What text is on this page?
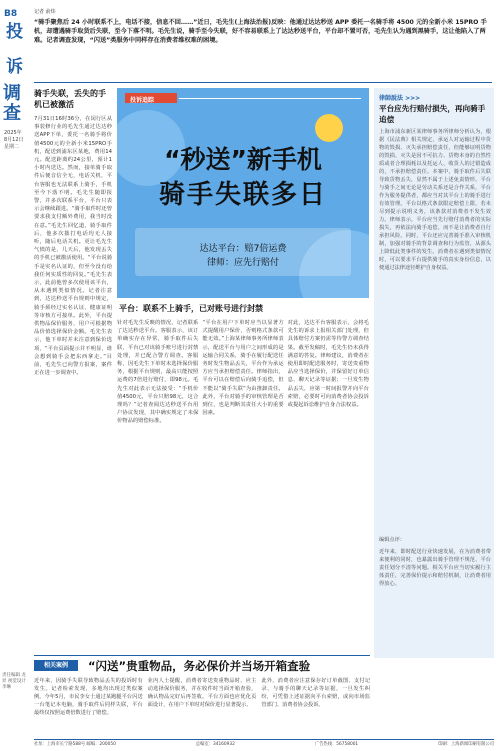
B8
投
诉
调查
2025年
8月12日
星期二
责任编辑 龙昇 视觉设计 李琳
记者 俞炜
“骑手聚焦后 24 小时联系不上，电话不接，信息不回……”近日，毛先生(上海法治报)反映：他通过达达秒送 APP 委托一名骑手将 4500 元的全新小米 15PRO 手机，却遭遇骑手取货后失联，至今下落不明。毛先生说，骑手至今失联，好不容易联系上了达达秒送平台，平台却不置可否，毛先生认为遇到黑骑手，这让他陷入了两难。记者调查发现，“闪送”类服务中同样存在消费者维权难的困境。
骑手失联，丢失的手机已被激活
7月31日16时36分，在闵行区从事装修行业的毛先生通过达达秒送APP下单，委托一名骑手将价值4500元的全新小米15PRO手机，配送到浦东区某地，费用14元。配送距离约24公里，预计1小时内送达。然而，接单骑手取件后便音信全无，电话关机，平台客服也无法联系上骑手，手机至今下落不明。毛先生随即报警，并多次联系平台，平台只表示会继续跟进。“骑手取件时还曾要求我支付额外费用，我当时没在意。”毛先生回忆道，骑手取件后，他多次拨打电话均无人接听，随后电话关机。更让毛先生气愤的是，几天后，他发现丢失的手机已被激活使用。“平台说骑手是实名认证的，但至今没有给我任何实质性的回复。”毛先生表示，此前他曾多次使用该平台，从未遇到类似情况。记者注意到，达达秒送平台规则中规定，骑手须经过实名认证、健康证明等审核方可接单。此外，平台提供物品保价服务，用户可根据物品价值选择保价金额。毛先生表示，他下单时并未注意到保价选项，“平台页面提示并不明显，谁会想到骑手会把东西拿走。”目前，毛先生已向警方报案，案件正在进一步调查中。
投诉追踪
“秒送”新手机
骑手失联多日
达达平台：赔7倍运费
律师：应先行赔付
平台：联系不上骑手，已对账号进行封禁
针对毛先生反映的情况，记者联系了达达秒送平台。客服表示，该订单确实存在异常，骑手取件后失联，平台已对该骑手账号进行封禁处理，并已配合警方调查。客服称，因毛先生下单时未选择保价服务，根据平台规则，最高只能按照运费的7倍进行赔付，即98元。毛先生对此表示无法接受：“手机价值4500元，平台只赔98元，这合理吗？”记者查阅达达秒送平台用户协议发现，其中确实规定了未保价物品的赔偿标准。
“平台在用户下单时应当以显著方式提醒用户保价，否则格式条款可能无效。”上海某律师事务所律师表示，配送平台与用户之间形成的是运输合同关系，骑手在履行配送任务时发生物品丢失，平台作为承运方应当承担赔偿责任。律师指出，平台可以在赔偿后向骑手追偿，但不能以“骑手失联”为由推卸责任。此外，平台对骑手的审核管理是否到位，也是判断其责任大小的重要因素。
对此，达达平台客服表示，会将毛先生的诉求上报相关部门处理，但具体赔付方案仍需等待警方调查结果。截至发稿时，毛先生仍未获得满意的答复。律师建议，消费者在使用即时配送服务时，寄送贵重物品应当选择保价，并保留好订单信息、聊天记录等证据；一旦发生物品丢失，应第一时间报警并向平台索赔，必要时可向消费者协会投诉或提起诉讼维护自身合法权益。
律師說法 >>>
平台应先行赔付损失，再向骑手追偿
上海市浦东新区某律师事务所律师分析认为，根据《民法典》相关规定，承运人对运输过程中货物的毁损、灭失承担赔偿责任，但能够证明货物的毁损、灭失是因不可抗力、货物本身的自然性质或者合理损耗以及托运人、收货人的过错造成的，不承担赔偿责任。本案中，骑手取件后失联导致货物丢失，显然不属于上述免责情形。平台与骑手之间无论是劳动关系还是合作关系，平台作为服务提供者，都应当对其平台上的骑手进行有效管理。平台以格式条款限定赔偿上限，若未尽到提示说明义务，该条款对消费者不发生效力。律师表示，平台应当先行赔付消费者的实际损失，再依法向骑手追偿，而不是让消费者自行承担风险。同时，平台还应完善骑手准入审核机制，加强对骑手的背景调查和行为监管，从源头上降低此类事件的发生。消费者在遇到类似情况时，可以要求平台提供骑手的真实身份信息，以便通过法律途径维护自身权益。
编辑点评：
近年来，即时配送行业快速发展，在为消费者带来便利的同时，也暴露出骑手管理不规范、平台责任划分不清等问题。相关平台应当切实履行主体责任，完善保价提示和赔付机制，让消费者用得放心。
相关案例	“闪送”贵重物品，务必保价并当场开箱查验
近年来，因骑手失联导致物品丢失的投诉时有发生。记者检索发现，多地均出现过类似案例。今年5月，市民李女士通过某跑腿平台闪送一台笔记本电脑，骑手取件后同样失联，平台最终仅按照运费倍数进行了赔偿。
业内人士提醒，消费者寄送贵重物品时，应主动选择保价服务，并在收件时当面开箱查验，确认物品完好后再签收。平台方面也应优化页面设计，在用户下单时对保价进行显著提示。
此外，消费者应注意保存好订单截图、支付记录、与骑手的聊天记录等证据，一旦发生纠纷，可凭借上述证据向平台索赔，或向市场监管部门、消费者协会投诉。
社址：上海市长宁路588号 邮编：200050	总编室：34160932	广告热线：56758001	印刷：上海新闻印刷有限公司
